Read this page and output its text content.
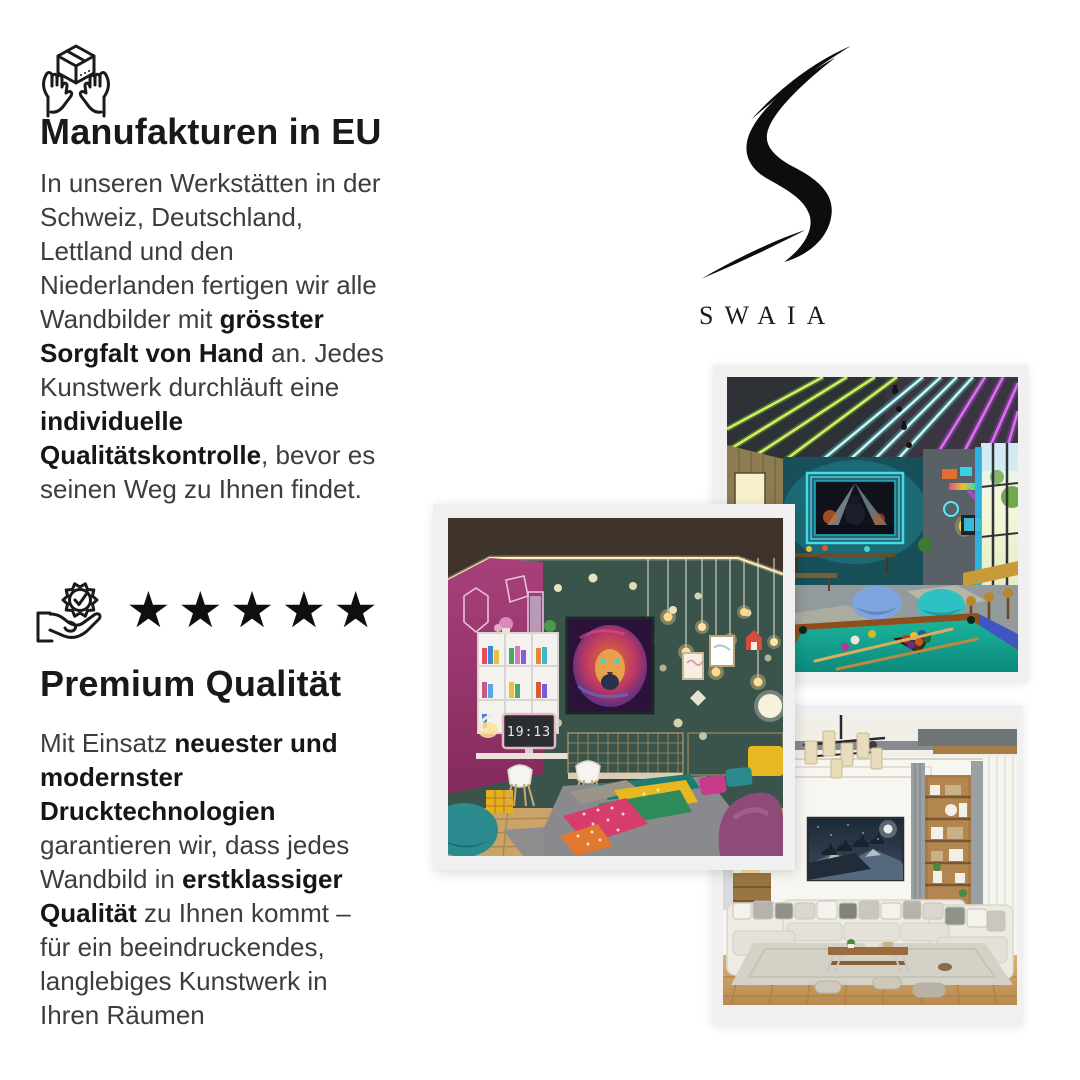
Manufakturen in EU
In unseren Werkstätten in der
Schweiz, Deutschland,
Lettland und den
Niederlanden fertigen wir alle
Wandbilder mit grösster
Sorgfalt von Hand an. Jedes
Kunstwerk durchläuft eine
individuelle
Qualitätskontrolle, bevor es
seinen Weg zu Ihnen findet.
★★★★★
Premium Qualität
Mit Einsatz neuester und
modernster
Drucktechnologien
garantieren wir, dass jedes
Wandbild in erstklassiger
Qualität zu Ihnen kommt –
für ein beeindruckendes,
langlebiges Kunstwerk in
Ihren Räumen
SWAIA
19:13
